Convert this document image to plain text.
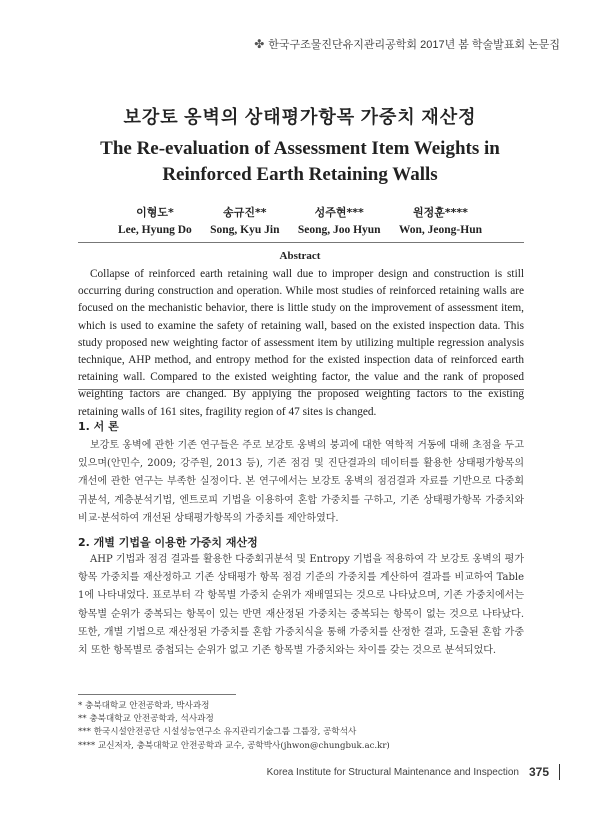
✤ 한국구조물진단유지관리공학회 2017년 봄 학술발표회 논문집
보강토 옹벽의 상태평가항목 가중치 재산정
The Re-evaluation of Assessment Item Weights in
Reinforced Earth Retaining Walls
이형도*
Lee, Hyung Do
송규진**
Song, Kyu Jin
성주현***
Seong, Joo Hyun
원정훈****
Won, Jeong-Hun
Abstract
Collapse of reinforced earth retaining wall due to improper design and construction is still occurring during construction and operation. While most studies of reinforced retaining walls are focused on the mechanistic behavior, there is little study on the improvement of assessment item, which is used to examine the safety of retaining wall, based on the existed inspection data. This study proposed new weighting factor of assessment item by utilizing multiple regression analysis technique, AHP method, and entropy method for the existed inspection data of reinforced earth retaining wall. Compared to the existed weighting factor, the value and the rank of proposed weighting factors are changed. By applying the proposed weighting factors to the existing retaining walls of 161 sites, fragility region of 47 sites is changed.
1. 서 론
보강토 옹벽에 관한 기존 연구들은 주로 보강토 옹벽의 붕괴에 대한 역학적 거동에 대해 초점을 두고 있으며(안민수, 2009; 강주원, 2013 등), 기존 점검 및 진단결과의 데이터를 활용한 상태평가항목의 개선에 관한 연구는 부족한 실정이다. 본 연구에서는 보강토 옹벽의 점검결과 자료를 기반으로 다중회귀분석, 계층분석기법, 엔트로피 기법을 이용하여 혼합 가중치를 구하고, 기존 상태평가항목 가중치와 비교·분석하여 개선된 상태평가항목의 가중치를 제안하였다.
2. 개별 기법을 이용한 가중치 재산정
AHP 기법과 점검 결과를 활용한 다중회귀분석 및 Entropy 기법을 적용하여 각 보강토 옹벽의 평가항목 가중치를 재산정하고 기존 상태평가 항목 점검 기준의 가중치를 계산하여 결과를 비교하여 Table 1에 나타내었다. 표로부터 각 항목별 가중치 순위가 재배열되는 것으로 나타났으며, 기존 가중치에서는 항목별 순위가 중복되는 항목이 있는 반면 재산정된 가중치는 중복되는 항목이 없는 것으로 나타났다. 또한, 개별 기법으로 재산정된 가중치를 혼합 가중치식을 통해 가중치를 산정한 결과, 도출된 혼합 가중치 또한 항목별로 중첩되는 순위가 없고 기존 항목별 가중치와는 차이를 갖는 것으로 분석되었다.
* 충북대학교 안전공학과, 박사과정
** 충북대학교 안전공학과, 석사과정
*** 한국시설안전공단 시설성능연구소 유지관리기술그룹 그룹장, 공학석사
**** 교신저자, 충북대학교 안전공학과 교수, 공학박사(jhwon@chungbuk.ac.kr)
Korea Institute for Structural Maintenance and Inspection 375
